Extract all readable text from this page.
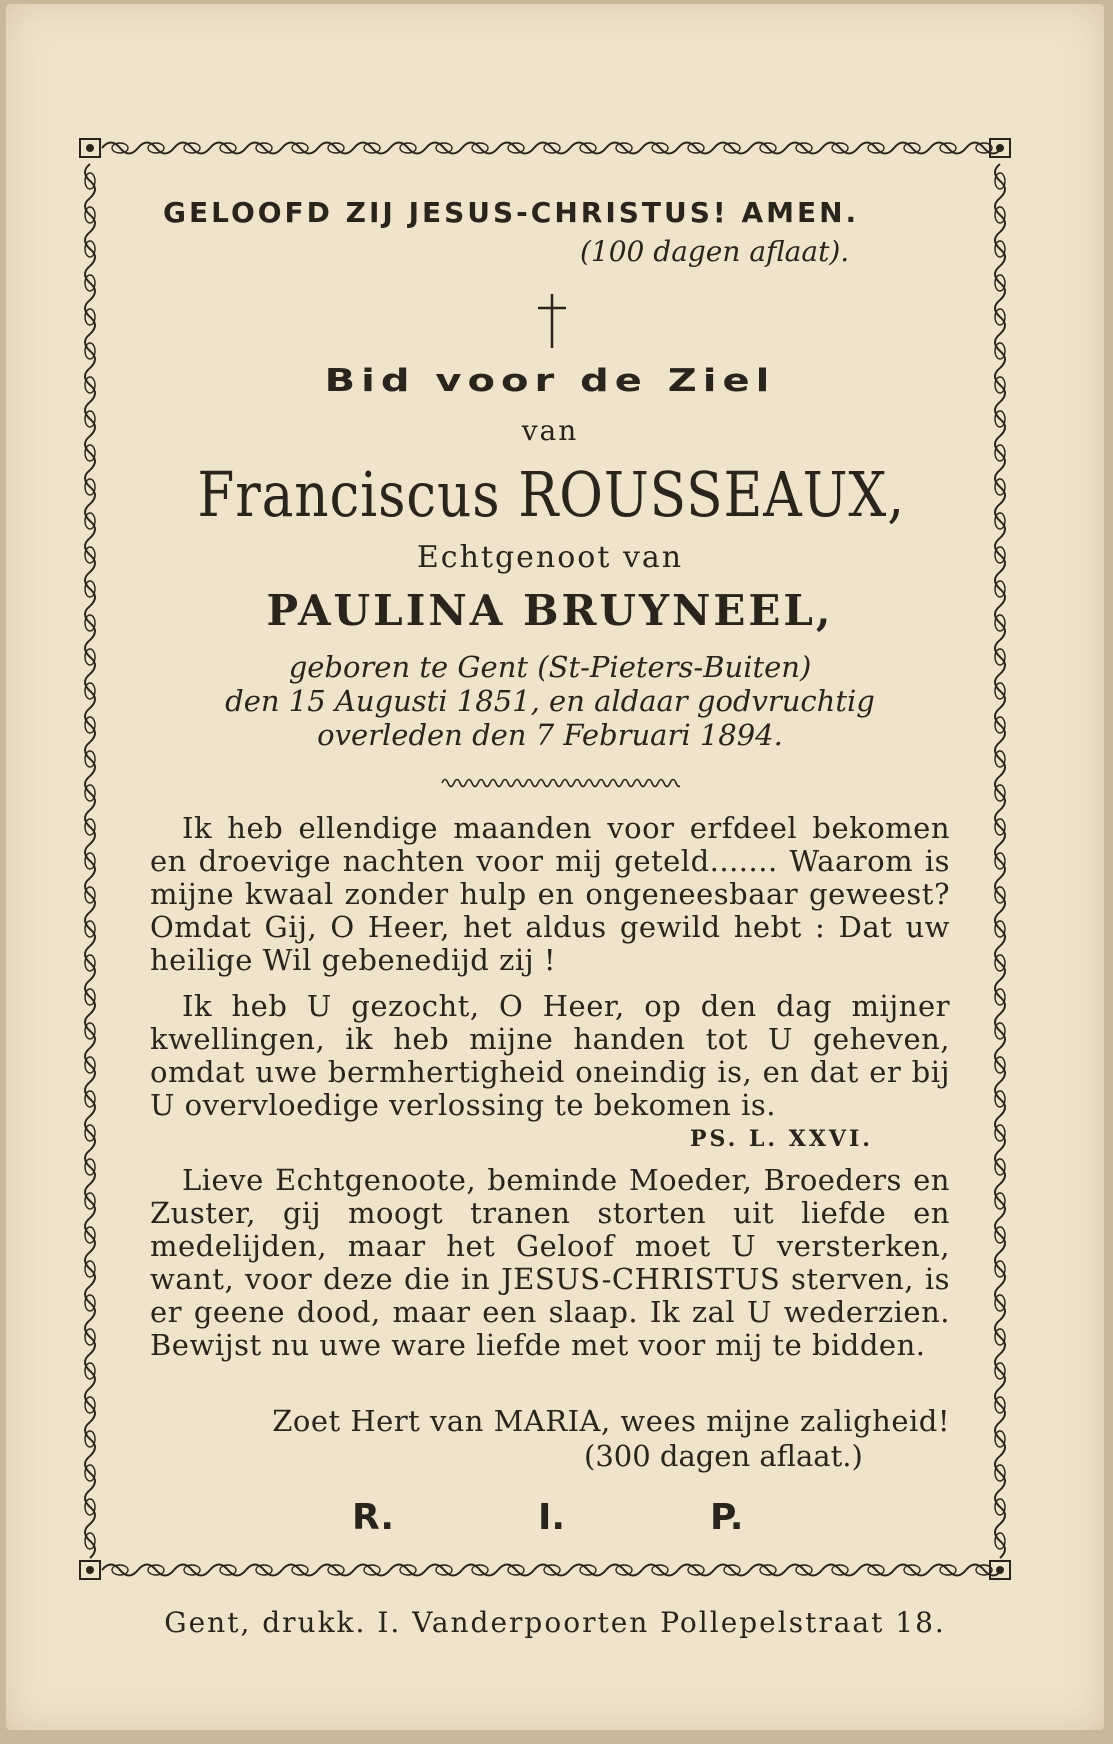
GELOOFD ZIJ JESUS-CHRISTUS! AMEN.
(100 dagen aflaat).
Bid voor de Ziel
van
Franciscus ROUSSEAUX,
Echtgenoot van
PAULINA BRUYNEEL,
geboren te Gent (St-Pieters-Buiten)
den 15 Augusti 1851, en aldaar godvruchtig
overleden den 7 Februari 1894.

Ik heb ellendige maanden voor erfdeel bekomen en droevige nachten voor mij geteld....... Waarom is mijne kwaal zonder hulp en ongeneesbaar geweest? Omdat Gij, O Heer, het aldus gewild hebt : Dat uw heilige Wil gebenedijd zij !

Ik heb U gezocht, O Heer, op den dag mijner kwellingen, ik heb mijne handen tot U geheven, omdat uwe bermhertigheid oneindig is, en dat er bij U overvloedige verlossing te bekomen is.

PS. L. XXVI.

Lieve Echtgenoote, beminde Moeder, Broeders en Zuster, gij moogt tranen storten uit liefde en medelijden, maar het Geloof moet U versterken, want, voor deze die in JESUS-CHRISTUS sterven, is er geene dood, maar een slaap. Ik zal U wederzien. Bewijst nu uwe ware liefde met voor mij te bidden.

Zoet Hert van MARIA, wees mijne zaligheid!
(300 dagen aflaat.)
R.	I.	P.
Gent, drukk. I. Vanderpoorten Pollepelstraat 18.
